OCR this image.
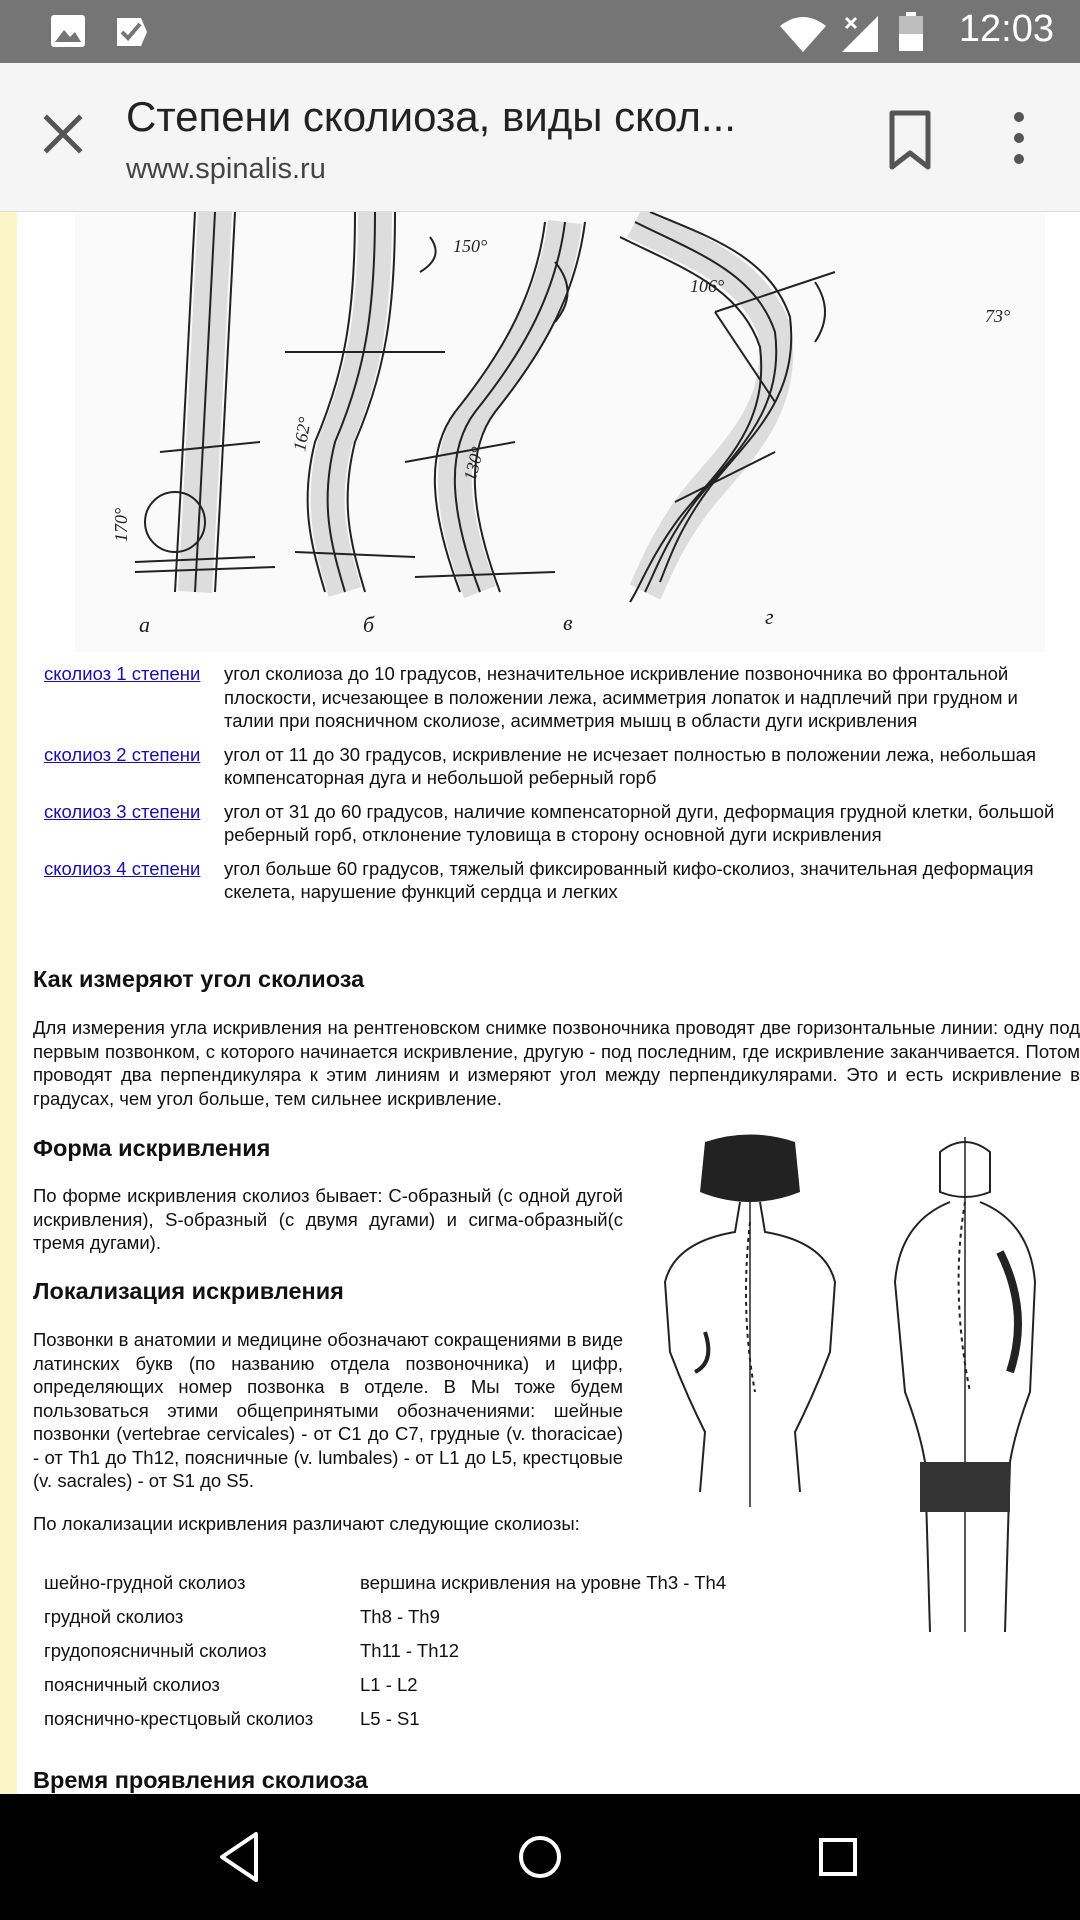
12:03
Степени сколиоза, виды скол...
www.spinalis.ru
а	б	в	г
170°
162°
150°
130°
106°
73°
сколиоз 1 степени	угол сколиоза до 10 градусов, незначительное искривление позвоночника во фронтальной плоскости, исчезающее в положении лежа, асимметрия лопаток и надплечий при грудном и талии при поясничном сколиозе, асимметрия мышц в области дуги искривления
сколиоз 2 степени	угол от 11 до 30 градусов, искривление не исчезает полностью в положении лежа, небольшая компенсаторная дуга и небольшой реберный горб
сколиоз 3 степени	угол от 31 до 60 градусов, наличие компенсаторной дуги, деформация грудной клетки, большой реберный горб, отклонение туловища в сторону основной дуги искривления
сколиоз 4 степени	угол больше 60 градусов, тяжелый фиксированный кифо-сколиоз, значительная деформация скелета, нарушение функций сердца и легких
Как измеряют угол сколиоза

Для измерения угла искривления на рентгеновском снимке позвоночника проводят две горизонтальные линии: одну под первым позвонком, с которого начинается искривление, другую - под последним, где искривление заканчивается. Потом проводят два перпендикуляра к этим линиям и измеряют угол между перпендикулярами. Это и есть искривление в градусах, чем угол больше, тем сильнее искривление.

Форма искривления

По форме искривления сколиоз бывает: С-образный (с одной дугой искривления), S-образный (с двумя дугами) и сигма-образный(с тремя дугами).

Локализация искривления

Позвонки в анатомии и медицине обозначают сокращениями в виде латинских букв (по названию отдела позвоночника) и цифр, определяющих номер позвонка в отделе. В Мы тоже будем пользоваться этими общепринятыми обозначениями: шейные позвонки (vertebrae cervicales) - от С1 до С7, грудные (v. thoracicae) - от Th1 до Th12, поясничные (v. lumbales) - от L1 до L5, крестцовые (v. sacrales) - от S1 до S5.

По локализации искривления различают следующие сколиозы:

шейно-грудной сколиоз	вершина искривления на уровне Th3 - Th4
грудной сколиоз	Th8 - Th9
грудопоясничный сколиоз	Th11 - Th12
поясничный сколиоз	L1 - L2
пояснично-крестцовый сколиоз	L5 - S1
Время проявления сколиоза
